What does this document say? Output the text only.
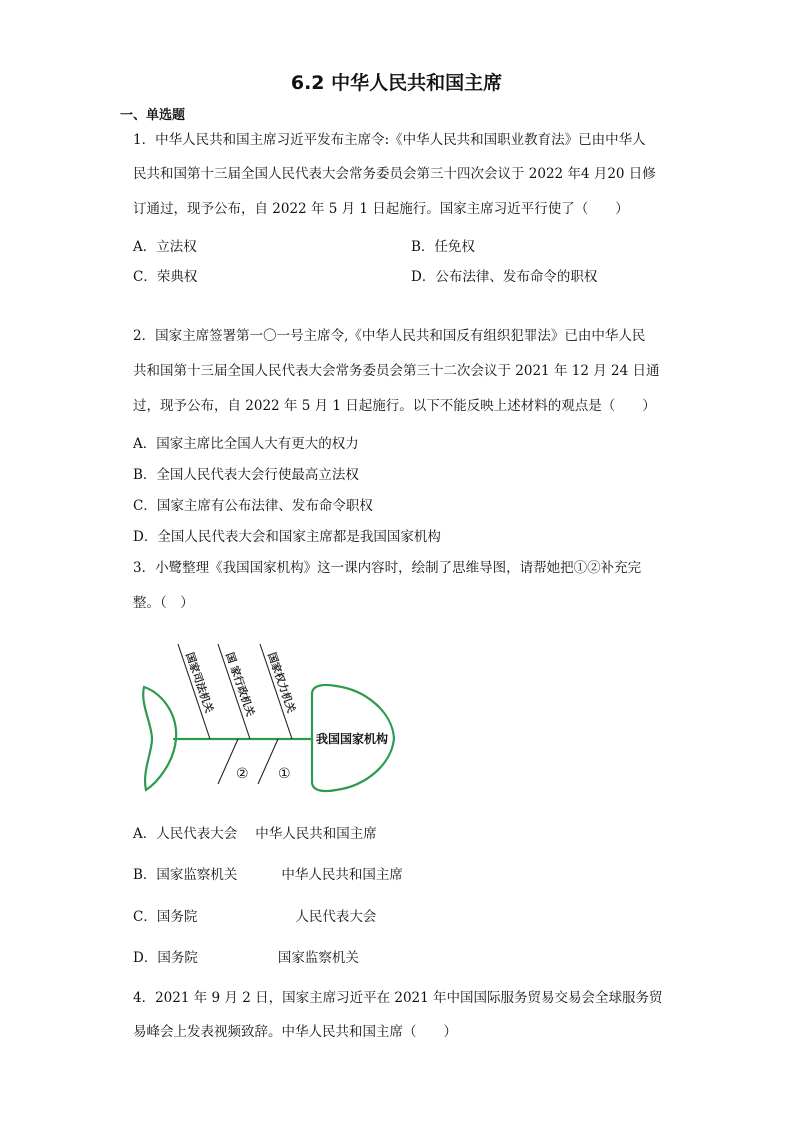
6.2 中华人民共和国主席
一、单选题
1．中华人民共和国主席习近平发布主席令:《中华人民共和国职业教育法》已由中华人
民共和国第十三届全国人民代表大会常务委员会第三十四次会议于 2022 年4 月20 日修
订通过，现予公布，自 2022 年 5 月 1 日起施行。国家主席习近平行使了（　　）
A．立法权	B．任免权
C．荣典权	D．公布法律、发布命令的职权
2．国家主席签署第一〇一号主席令,《中华人民共和国反有组织犯罪法》已由中华人民
共和国第十三届全国人民代表大会常务委员会第三十二次会议于 2021 年 12 月 24 日通
过，现予公布，自 2022 年 5 月 1 日起施行。以下不能反映上述材料的观点是（　　）
A．国家主席比全国人大有更大的权力
B．全国人民代表大会行使最高立法权
C．国家主席有公布法律、发布命令职权
D．全国人民代表大会和国家主席都是我国国家机构
3．小鹭整理《我国国家机构》这一课内容时，绘制了思维导图，请帮她把①②补充完
整。（　）
国家司法机关 国 家行政机关 国家权力机关
我国国家机构
② ①
A．人民代表大会 中华人民共和国主席
B．国家监察机关	中华人民共和国主席
C．国务院	人民代表大会
D．国务院	国家监察机关
4．2021 年 9 月 2 日，国家主席习近平在 2021 年中国国际服务贸易交易会全球服务贸
易峰会上发表视频致辞。中华人民共和国主席（　　）
